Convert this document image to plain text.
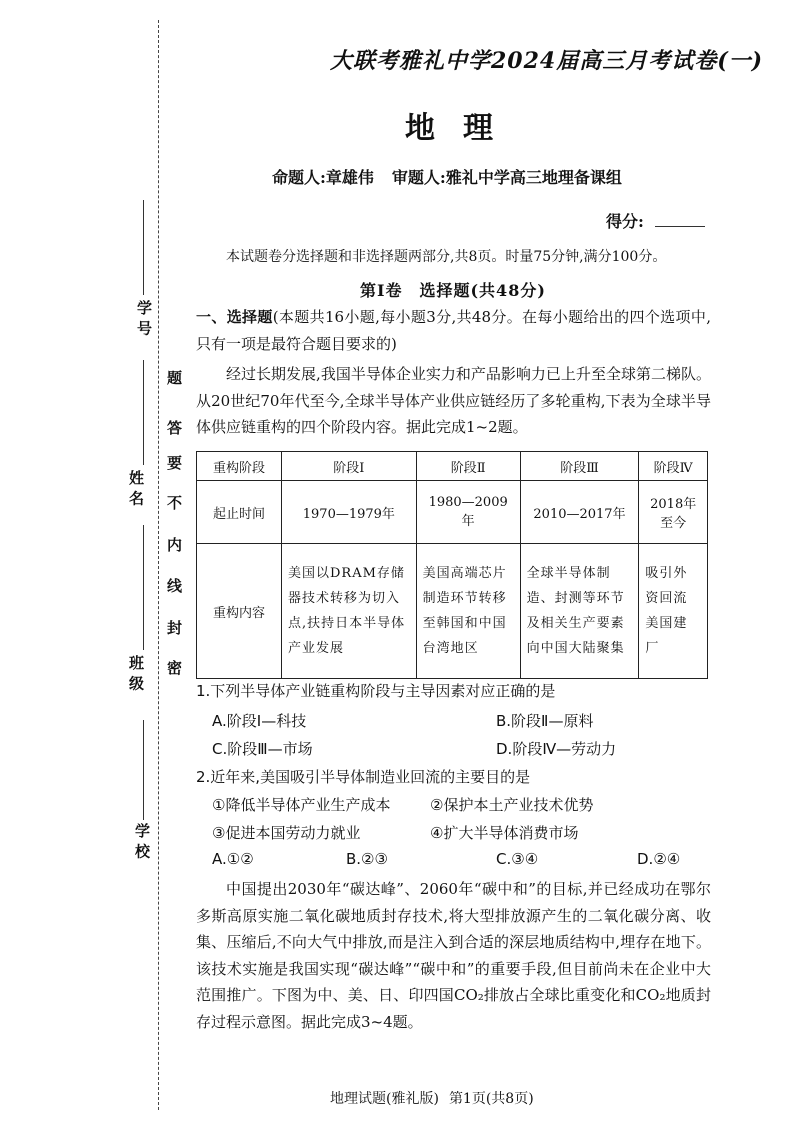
学 号
姓 名
班 级
学 校
题
答
要
不
内
线
封
密
大联考雅礼中学2024届高三月考试卷(一)
地理
命题人:章雄伟 审题人:雅礼中学高三地理备课组
得分:
本试题卷分选择题和非选择题两部分,共8页。时量75分钟,满分100分。
第Ⅰ卷　选择题(共48分)
一、选择题(本题共16小题,每小题3分,共48分。在每小题给出的四个选项中,只有一项是最符合题目要求的)
经过长期发展,我国半导体企业实力和产品影响力已上升至全球第二梯队。从20世纪70年代至今,全球半导体产业供应链经历了多轮重构,下表为全球半导体供应链重构的四个阶段内容。据此完成1~2题。
重构阶段	阶段Ⅰ	阶段Ⅱ	阶段Ⅲ	阶段Ⅳ
起止时间	1970—1979年	1980—2009年	2010—2017年	2018年至今
重构内容	美国以DRAM存储器技术转移为切入点,扶持日本半导体产业发展	美国高端芯片制造环节转移至韩国和中国台湾地区	全球半导体制造、封测等环节及相关生产要素向中国大陆聚集	吸引外资回流美国建厂
1.下列半导体产业链重构阶段与主导因素对应正确的是
A.阶段Ⅰ—科技	B.阶段Ⅱ—原料
C.阶段Ⅲ—市场	D.阶段Ⅳ—劳动力
2.近年来,美国吸引半导体制造业回流的主要目的是
①降低半导体产业生产成本	②保护本土产业技术优势
③促进本国劳动力就业	④扩大半导体消费市场
A.①②	B.②③	C.③④	D.②④
中国提出2030年“碳达峰”、2060年“碳中和”的目标,并已经成功在鄂尔多斯高原实施二氧化碳地质封存技术,将大型排放源产生的二氧化碳分离、收集、压缩后,不向大气中排放,而是注入到合适的深层地质结构中,埋存在地下。该技术实施是我国实现“碳达峰”“碳中和”的重要手段,但目前尚未在企业中大范围推广。下图为中、美、日、印四国CO₂排放占全球比重变化和CO₂地质封存过程示意图。据此完成3~4题。
地理试题(雅礼版) 第1页(共8页)
